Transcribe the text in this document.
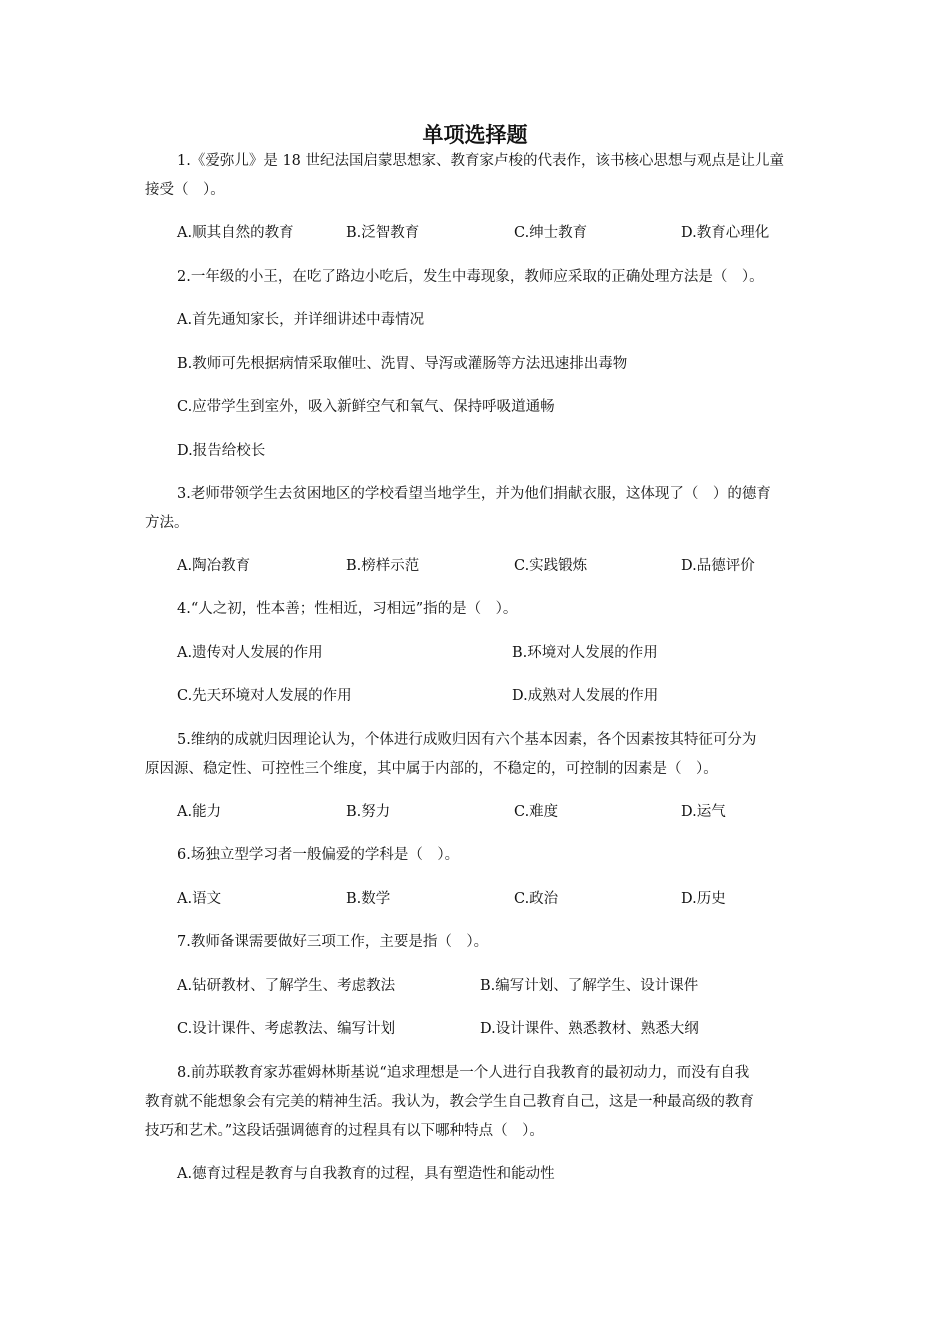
单项选择题
1.《爱弥儿》是 18 世纪法国启蒙思想家、教育家卢梭的代表作，该书核心思想与观点是让儿童
接受（　）。
A.顺其自然的教育	B.泛智教育	C.绅士教育	D.教育心理化
2.一年级的小王，在吃了路边小吃后，发生中毒现象，教师应采取的正确处理方法是（　）。
A.首先通知家长，并详细讲述中毒情况
B.教师可先根据病情采取催吐、洗胃、导泻或灌肠等方法迅速排出毒物
C.应带学生到室外，吸入新鲜空气和氧气、保持呼吸道通畅
D.报告给校长
3.老师带领学生去贫困地区的学校看望当地学生，并为他们捐献衣服，这体现了（　）的德育
方法。
A.陶冶教育	B.榜样示范	C.实践锻炼	D.品德评价
4.“人之初，性本善；性相近，习相远”指的是（　）。
A.遗传对人发展的作用	B.环境对人发展的作用
C.先天环境对人发展的作用	D.成熟对人发展的作用
5.维纳的成就归因理论认为，个体进行成败归因有六个基本因素，各个因素按其特征可分为
原因源、稳定性、可控性三个维度，其中属于内部的，不稳定的，可控制的因素是（　）。
A.能力	B.努力	C.难度	D.运气
6.场独立型学习者一般偏爱的学科是（　）。
A.语文	B.数学	C.政治	D.历史
7.教师备课需要做好三项工作，主要是指（　）。
A.钻研教材、了解学生、考虑教法	B.编写计划、了解学生、设计课件
C.设计课件、考虑教法、编写计划	D.设计课件、熟悉教材、熟悉大纲
8.前苏联教育家苏霍姆林斯基说“追求理想是一个人进行自我教育的最初动力，而没有自我
教育就不能想象会有完美的精神生活。我认为，教会学生自己教育自己，这是一种最高级的教育
技巧和艺术。”这段话强调德育的过程具有以下哪种特点（　）。
A.德育过程是教育与自我教育的过程，具有塑造性和能动性
